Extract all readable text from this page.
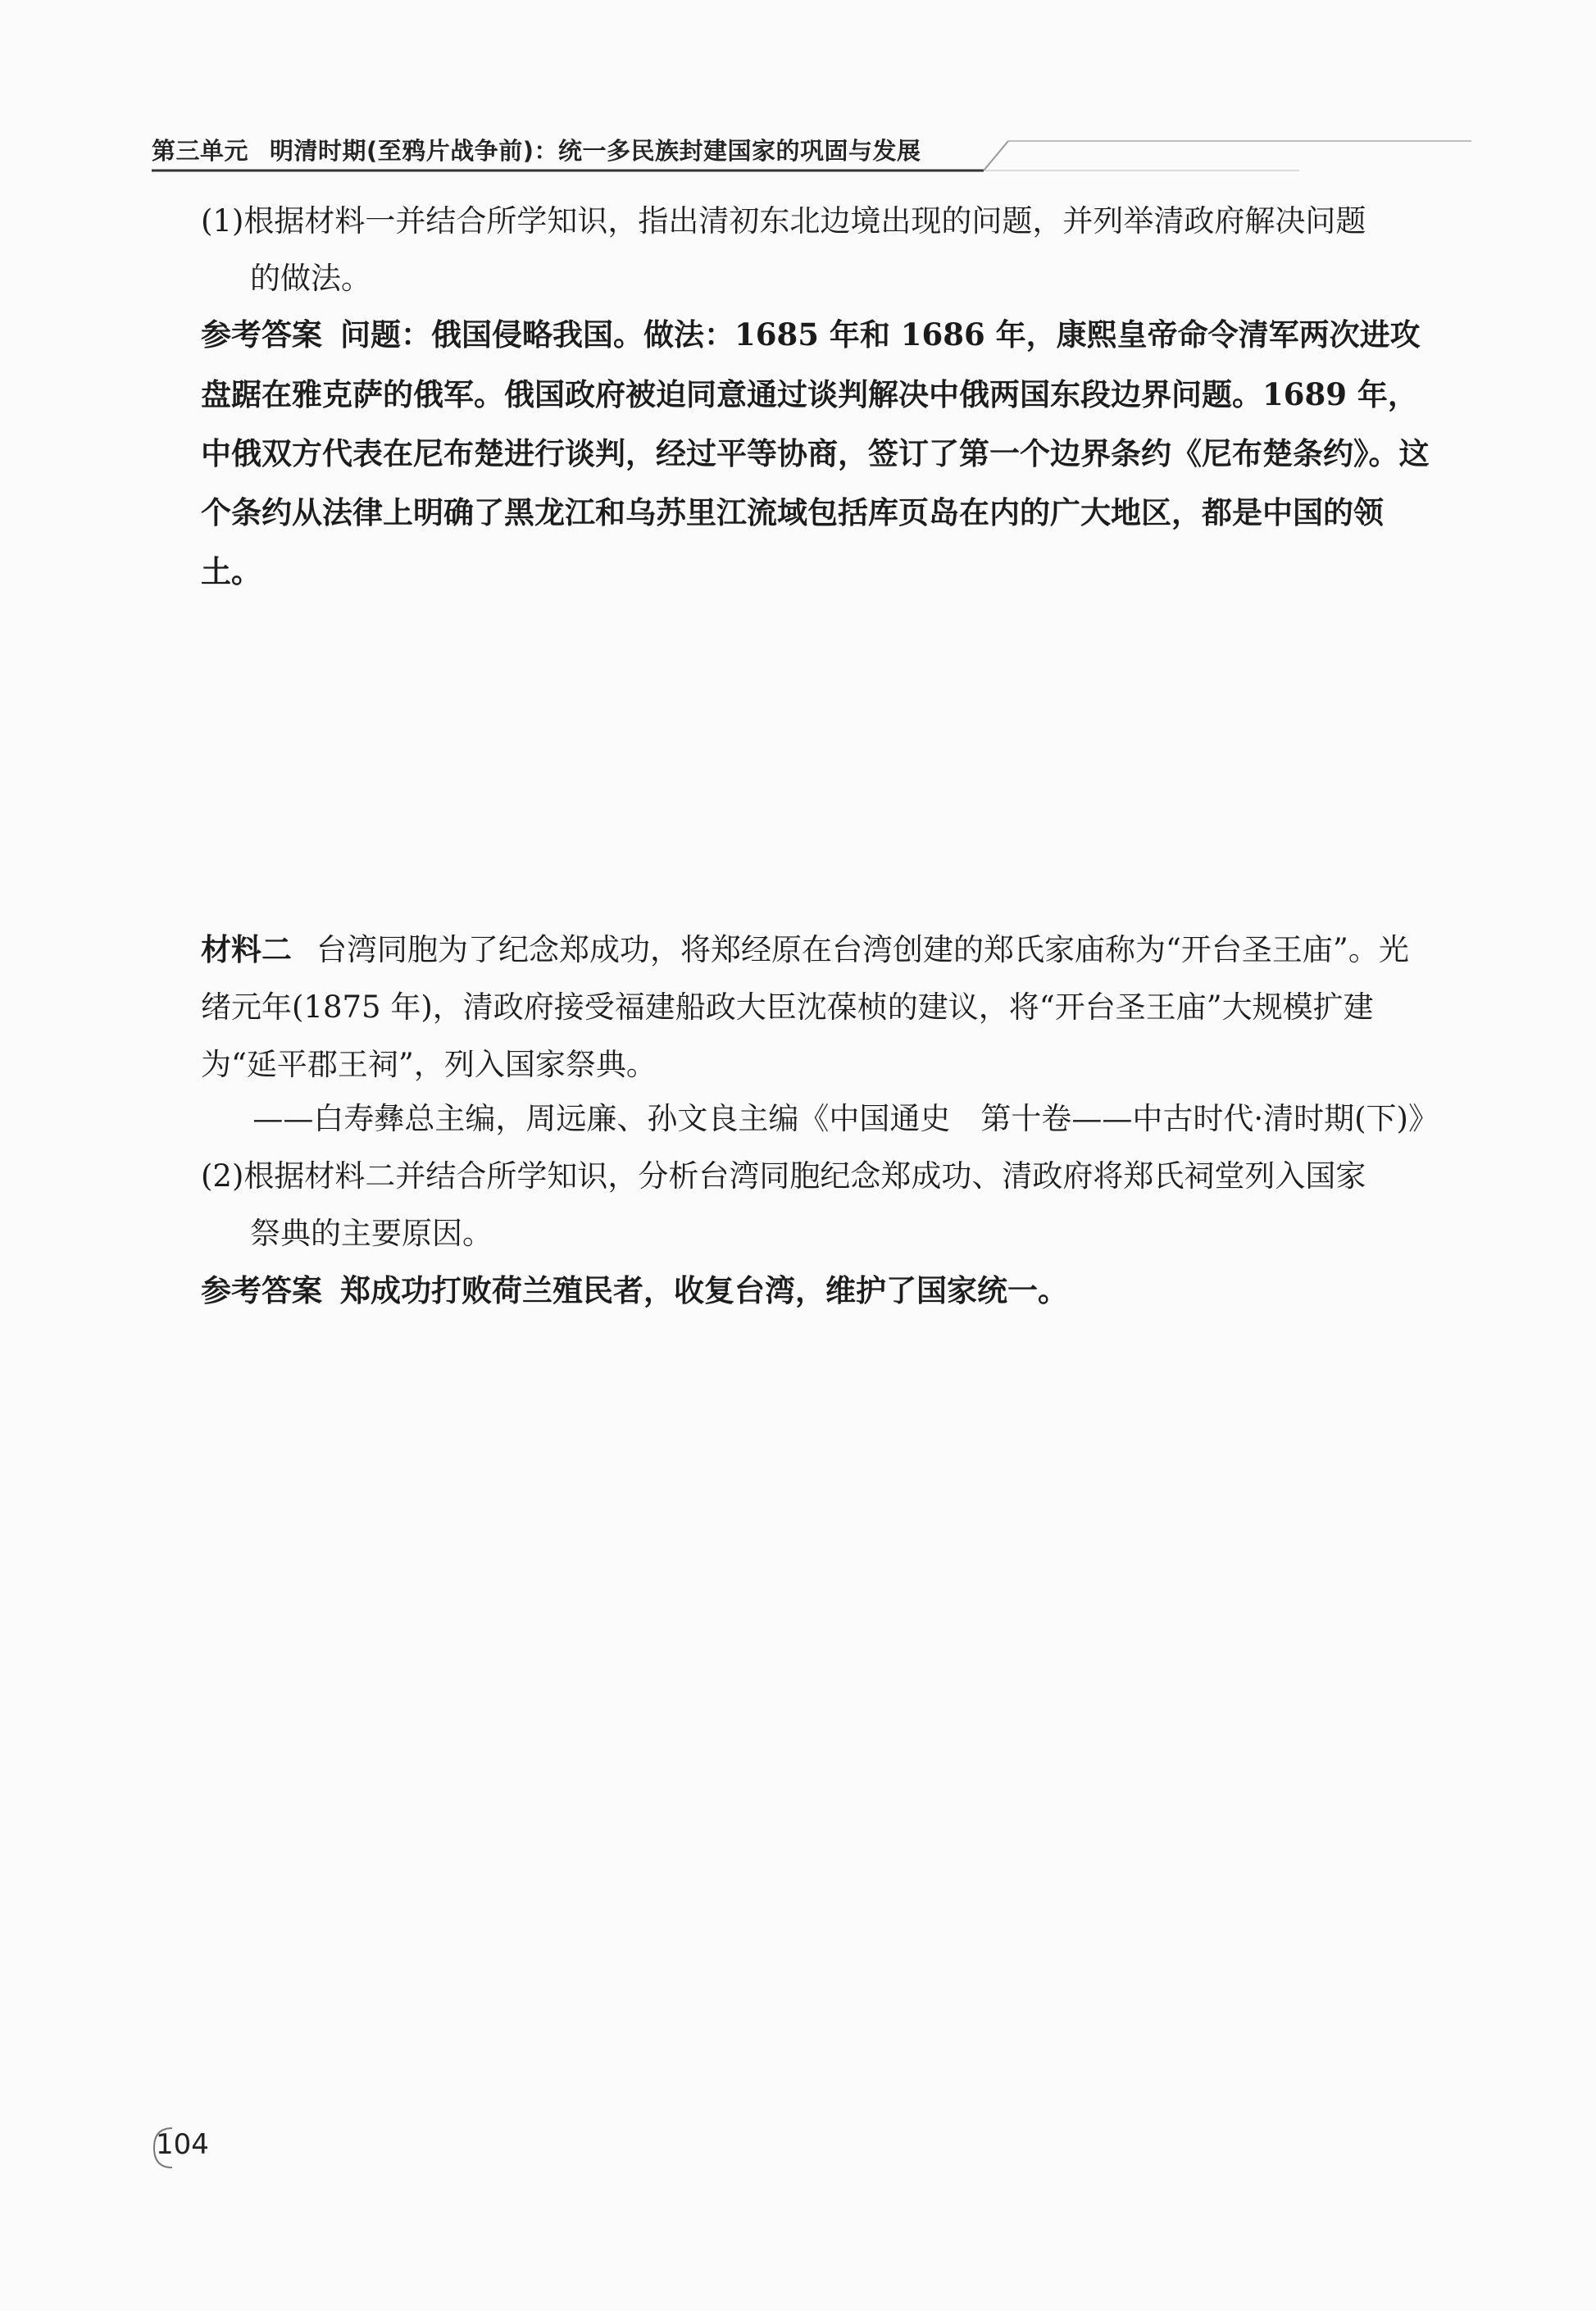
第三单元 明清时期(至鸦片战争前)：统一多民族封建国家的巩固与发展
(1)根据材料一并结合所学知识，指出清初东北边境出现的问题，并列举清政府解决问题
的做法。
参考答案 问题：俄国侵略我国。做法：1685 年和 1686 年，康熙皇帝命令清军两次进攻盘踞在雅克萨的俄军。俄国政府被迫同意通过谈判解决中俄两国东段边界问题。1689 年，中俄双方代表在尼布楚进行谈判，经过平等协商，签订了第一个边界条约《尼布楚条约》。这个条约从法律上明确了黑龙江和乌苏里江流域包括库页岛在内的广大地区，都是中国的领土。
材料二 台湾同胞为了纪念郑成功，将郑经原在台湾创建的郑氏家庙称为“开台圣王庙”。光绪元年(1875 年)，清政府接受福建船政大臣沈葆桢的建议，将“开台圣王庙”大规模扩建为“延平郡王祠”，列入国家祭典。
——白寿彝总主编，周远廉、孙文良主编《中国通史　第十卷——中古时代·清时期(下)》
(2)根据材料二并结合所学知识，分析台湾同胞纪念郑成功、清政府将郑氏祠堂列入国家
祭典的主要原因。
参考答案 郑成功打败荷兰殖民者，收复台湾，维护了国家统一。
104
